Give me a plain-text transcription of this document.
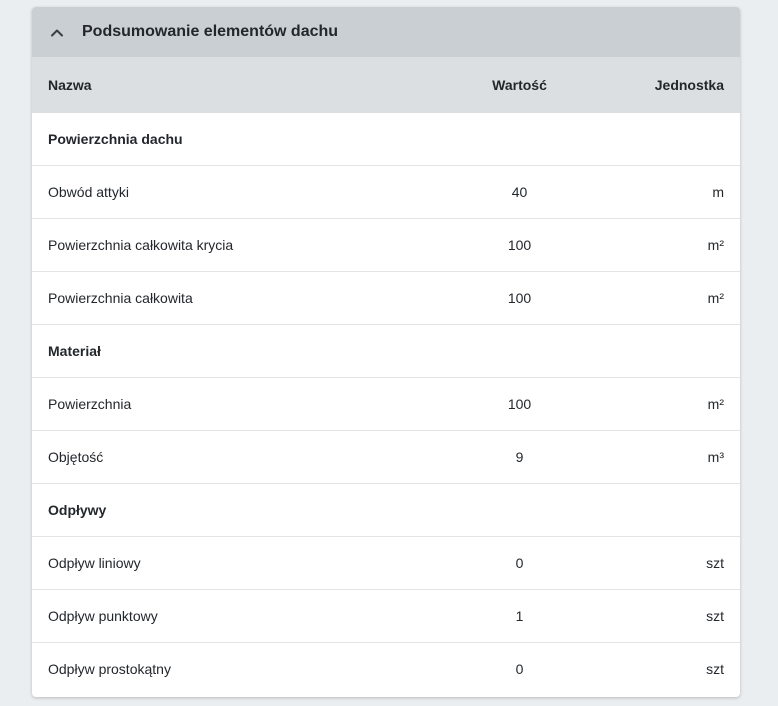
Podsumowanie elementów dachu
Nazwa	Wartość	Jednostka
Powierzchnia dachu		
Obwód attyki	40	m
Powierzchnia całkowita krycia	100	m²
Powierzchnia całkowita	100	m²
Materiał		
Powierzchnia	100	m²
Objętość	9	m³
Odpływy		
Odpływ liniowy	0	szt
Odpływ punktowy	1	szt
Odpływ prostokątny	0	szt
